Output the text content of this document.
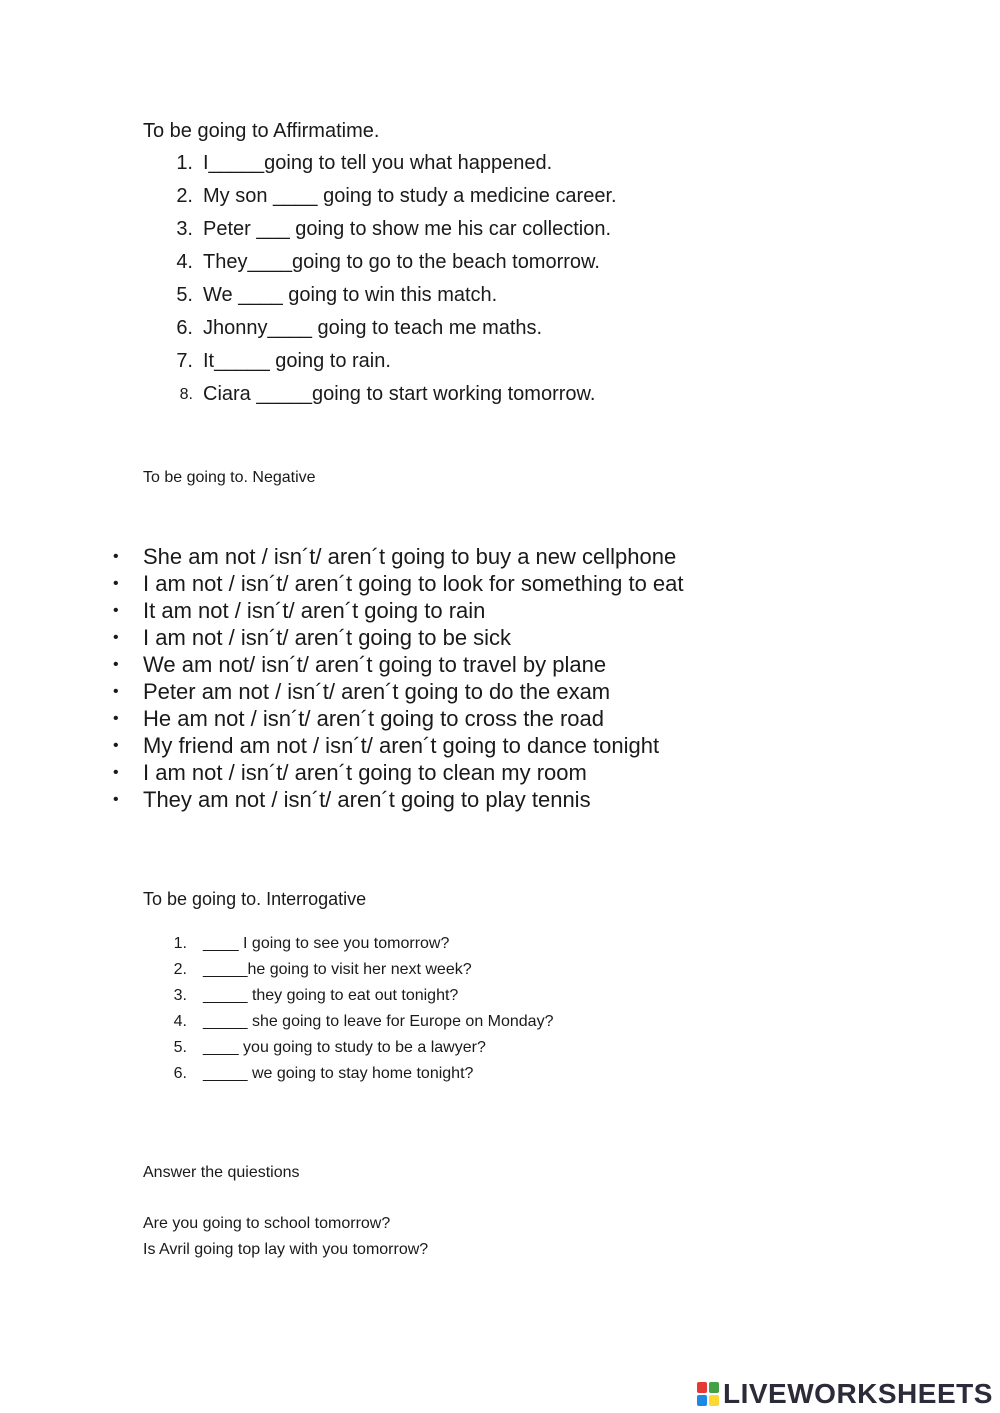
To be going to Affirmatime.

1. I_____going to tell you what happened.
2. My son ____ going to study a medicine career.
3. Peter ___ going to show me his car collection.
4. They____going to go to the beach tomorrow.
5. We ____ going to win this match.
6. Jhonny____ going to teach me maths.
7. It_____ going to rain.
8. Ciara _____going to start working tomorrow.

To be going to. Negative

• She am not / isn´t/ aren´t going to buy a new cellphone
• I am not / isn´t/ aren´t going to look for something to eat
• It am not / isn´t/ aren´t going to rain
• I am not / isn´t/ aren´t going to be sick
• We am not/ isn´t/ aren´t going to travel by plane
• Peter am not / isn´t/ aren´t going to do the exam
• He am not / isn´t/ aren´t going to cross the road
• My friend am not / isn´t/ aren´t going to dance tonight
• I am not / isn´t/ aren´t going to clean my room
• They am not / isn´t/ aren´t going to play tennis

To be going to. Interrogative

1. ____ I going to see you tomorrow?
2. _____he going to visit her next week?
3. _____ they going to eat out tonight?
4. _____ she going to leave for Europe on Monday?
5. ____ you going to study to be a lawyer?
6. _____ we going to stay home tonight?

Answer the quiestions

Are you going to school tomorrow?

Is Avril going top lay with you tomorrow?

LIVEWORKSHEETS
